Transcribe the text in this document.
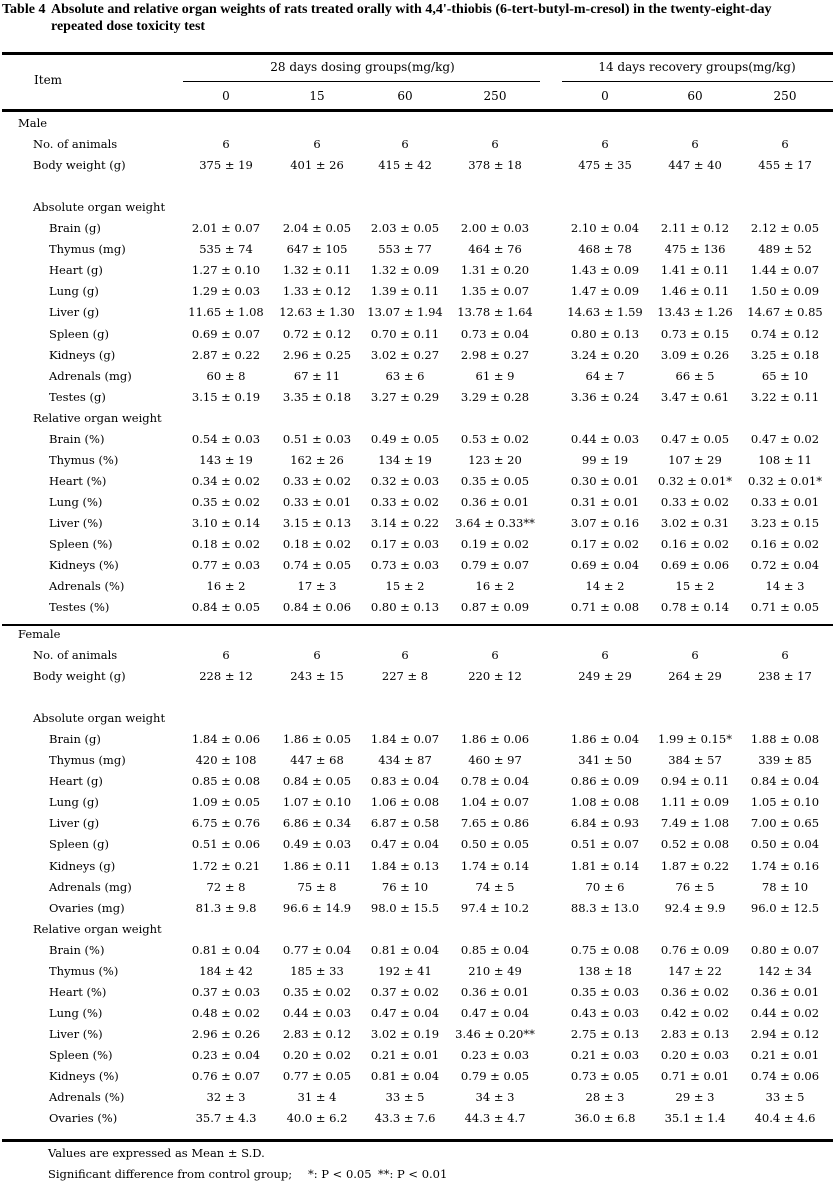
Table 4 Absolute and relative organ weights of rats treated orally with 4,4'-thiobis (6-tert-butyl-m-cresol) in the twenty-eight-day repeated dose toxicity test
Item
28 days dosing groups(mg/kg)	14 days recovery groups(mg/kg)
0	15	60	250	0	60	250
Male
No. of animals	6	6	6	6	6	6	6
Body weight (g)	375 ± 19	401 ± 26	415 ± 42	378 ± 18	475 ± 35	447 ± 40	455 ± 17
Absolute organ weight
Brain (g)	2.01 ± 0.07	2.04 ± 0.05	2.03 ± 0.05	2.00 ± 0.03	2.10 ± 0.04	2.11 ± 0.12	2.12 ± 0.05
Thymus (mg)	535 ± 74	647 ± 105	553 ± 77	464 ± 76	468 ± 78	475 ± 136	489 ± 52
Heart (g)	1.27 ± 0.10	1.32 ± 0.11	1.32 ± 0.09	1.31 ± 0.20	1.43 ± 0.09	1.41 ± 0.11	1.44 ± 0.07
Lung (g)	1.29 ± 0.03	1.33 ± 0.12	1.39 ± 0.11	1.35 ± 0.07	1.47 ± 0.09	1.46 ± 0.11	1.50 ± 0.09
Liver (g)	11.65 ± 1.08	12.63 ± 1.30	13.07 ± 1.94	13.78 ± 1.64	14.63 ± 1.59	13.43 ± 1.26	14.67 ± 0.85
Spleen (g)	0.69 ± 0.07	0.72 ± 0.12	0.70 ± 0.11	0.73 ± 0.04	0.80 ± 0.13	0.73 ± 0.15	0.74 ± 0.12
Kidneys (g)	2.87 ± 0.22	2.96 ± 0.25	3.02 ± 0.27	2.98 ± 0.27	3.24 ± 0.20	3.09 ± 0.26	3.25 ± 0.18
Adrenals (mg)	60 ± 8	67 ± 11	63 ± 6	61 ± 9	64 ± 7	66 ± 5	65 ± 10
Testes (g)	3.15 ± 0.19	3.35 ± 0.18	3.27 ± 0.29	3.29 ± 0.28	3.36 ± 0.24	3.47 ± 0.61	3.22 ± 0.11
Relative organ weight
Brain (%)	0.54 ± 0.03	0.51 ± 0.03	0.49 ± 0.05	0.53 ± 0.02	0.44 ± 0.03	0.47 ± 0.05	0.47 ± 0.02
Thymus (%)	143 ± 19	162 ± 26	134 ± 19	123 ± 20	99 ± 19	107 ± 29	108 ± 11
Heart (%)	0.34 ± 0.02	0.33 ± 0.02	0.32 ± 0.03	0.35 ± 0.05	0.30 ± 0.01	0.32 ± 0.01*	0.32 ± 0.01*
Lung (%)	0.35 ± 0.02	0.33 ± 0.01	0.33 ± 0.02	0.36 ± 0.01	0.31 ± 0.01	0.33 ± 0.02	0.33 ± 0.01
Liver (%)	3.10 ± 0.14	3.15 ± 0.13	3.14 ± 0.22	3.64 ± 0.33**	3.07 ± 0.16	3.02 ± 0.31	3.23 ± 0.15
Spleen (%)	0.18 ± 0.02	0.18 ± 0.02	0.17 ± 0.03	0.19 ± 0.02	0.17 ± 0.02	0.16 ± 0.02	0.16 ± 0.02
Kidneys (%)	0.77 ± 0.03	0.74 ± 0.05	0.73 ± 0.03	0.79 ± 0.07	0.69 ± 0.04	0.69 ± 0.06	0.72 ± 0.04
Adrenals (%)	16 ± 2	17 ± 3	15 ± 2	16 ± 2	14 ± 2	15 ± 2	14 ± 3
Testes (%)	0.84 ± 0.05	0.84 ± 0.06	0.80 ± 0.13	0.87 ± 0.09	0.71 ± 0.08	0.78 ± 0.14	0.71 ± 0.05
Female
No. of animals	6	6	6	6	6	6	6
Body weight (g)	228 ± 12	243 ± 15	227 ± 8	220 ± 12	249 ± 29	264 ± 29	238 ± 17
Absolute organ weight
Brain (g)	1.84 ± 0.06	1.86 ± 0.05	1.84 ± 0.07	1.86 ± 0.06	1.86 ± 0.04	1.99 ± 0.15*	1.88 ± 0.08
Thymus (mg)	420 ± 108	447 ± 68	434 ± 87	460 ± 97	341 ± 50	384 ± 57	339 ± 85
Heart (g)	0.85 ± 0.08	0.84 ± 0.05	0.83 ± 0.04	0.78 ± 0.04	0.86 ± 0.09	0.94 ± 0.11	0.84 ± 0.04
Lung (g)	1.09 ± 0.05	1.07 ± 0.10	1.06 ± 0.08	1.04 ± 0.07	1.08 ± 0.08	1.11 ± 0.09	1.05 ± 0.10
Liver (g)	6.75 ± 0.76	6.86 ± 0.34	6.87 ± 0.58	7.65 ± 0.86	6.84 ± 0.93	7.49 ± 1.08	7.00 ± 0.65
Spleen (g)	0.51 ± 0.06	0.49 ± 0.03	0.47 ± 0.04	0.50 ± 0.05	0.51 ± 0.07	0.52 ± 0.08	0.50 ± 0.04
Kidneys (g)	1.72 ± 0.21	1.86 ± 0.11	1.84 ± 0.13	1.74 ± 0.14	1.81 ± 0.14	1.87 ± 0.22	1.74 ± 0.16
Adrenals (mg)	72 ± 8	75 ± 8	76 ± 10	74 ± 5	70 ± 6	76 ± 5	78 ± 10
Ovaries (mg)	81.3 ± 9.8	96.6 ± 14.9	98.0 ± 15.5	97.4 ± 10.2	88.3 ± 13.0	92.4 ± 9.9	96.0 ± 12.5
Relative organ weight
Brain (%)	0.81 ± 0.04	0.77 ± 0.04	0.81 ± 0.04	0.85 ± 0.04	0.75 ± 0.08	0.76 ± 0.09	0.80 ± 0.07
Thymus (%)	184 ± 42	185 ± 33	192 ± 41	210 ± 49	138 ± 18	147 ± 22	142 ± 34
Heart (%)	0.37 ± 0.03	0.35 ± 0.02	0.37 ± 0.02	0.36 ± 0.01	0.35 ± 0.03	0.36 ± 0.02	0.36 ± 0.01
Lung (%)	0.48 ± 0.02	0.44 ± 0.03	0.47 ± 0.04	0.47 ± 0.04	0.43 ± 0.03	0.42 ± 0.02	0.44 ± 0.02
Liver (%)	2.96 ± 0.26	2.83 ± 0.12	3.02 ± 0.19	3.46 ± 0.20**	2.75 ± 0.13	2.83 ± 0.13	2.94 ± 0.12
Spleen (%)	0.23 ± 0.04	0.20 ± 0.02	0.21 ± 0.01	0.23 ± 0.03	0.21 ± 0.03	0.20 ± 0.03	0.21 ± 0.01
Kidneys (%)	0.76 ± 0.07	0.77 ± 0.05	0.81 ± 0.04	0.79 ± 0.05	0.73 ± 0.05	0.71 ± 0.01	0.74 ± 0.06
Adrenals (%)	32 ± 3	31 ± 4	33 ± 5	34 ± 3	28 ± 3	29 ± 3	33 ± 5
Ovaries (%)	35.7 ± 4.3	40.0 ± 6.2	43.3 ± 7.6	44.3 ± 4.7	36.0 ± 6.8	35.1 ± 1.4	40.4 ± 4.6
Values are expressed as Mean ± S.D.
Significant difference from control group; *: P < 0.05 **: P < 0.01
